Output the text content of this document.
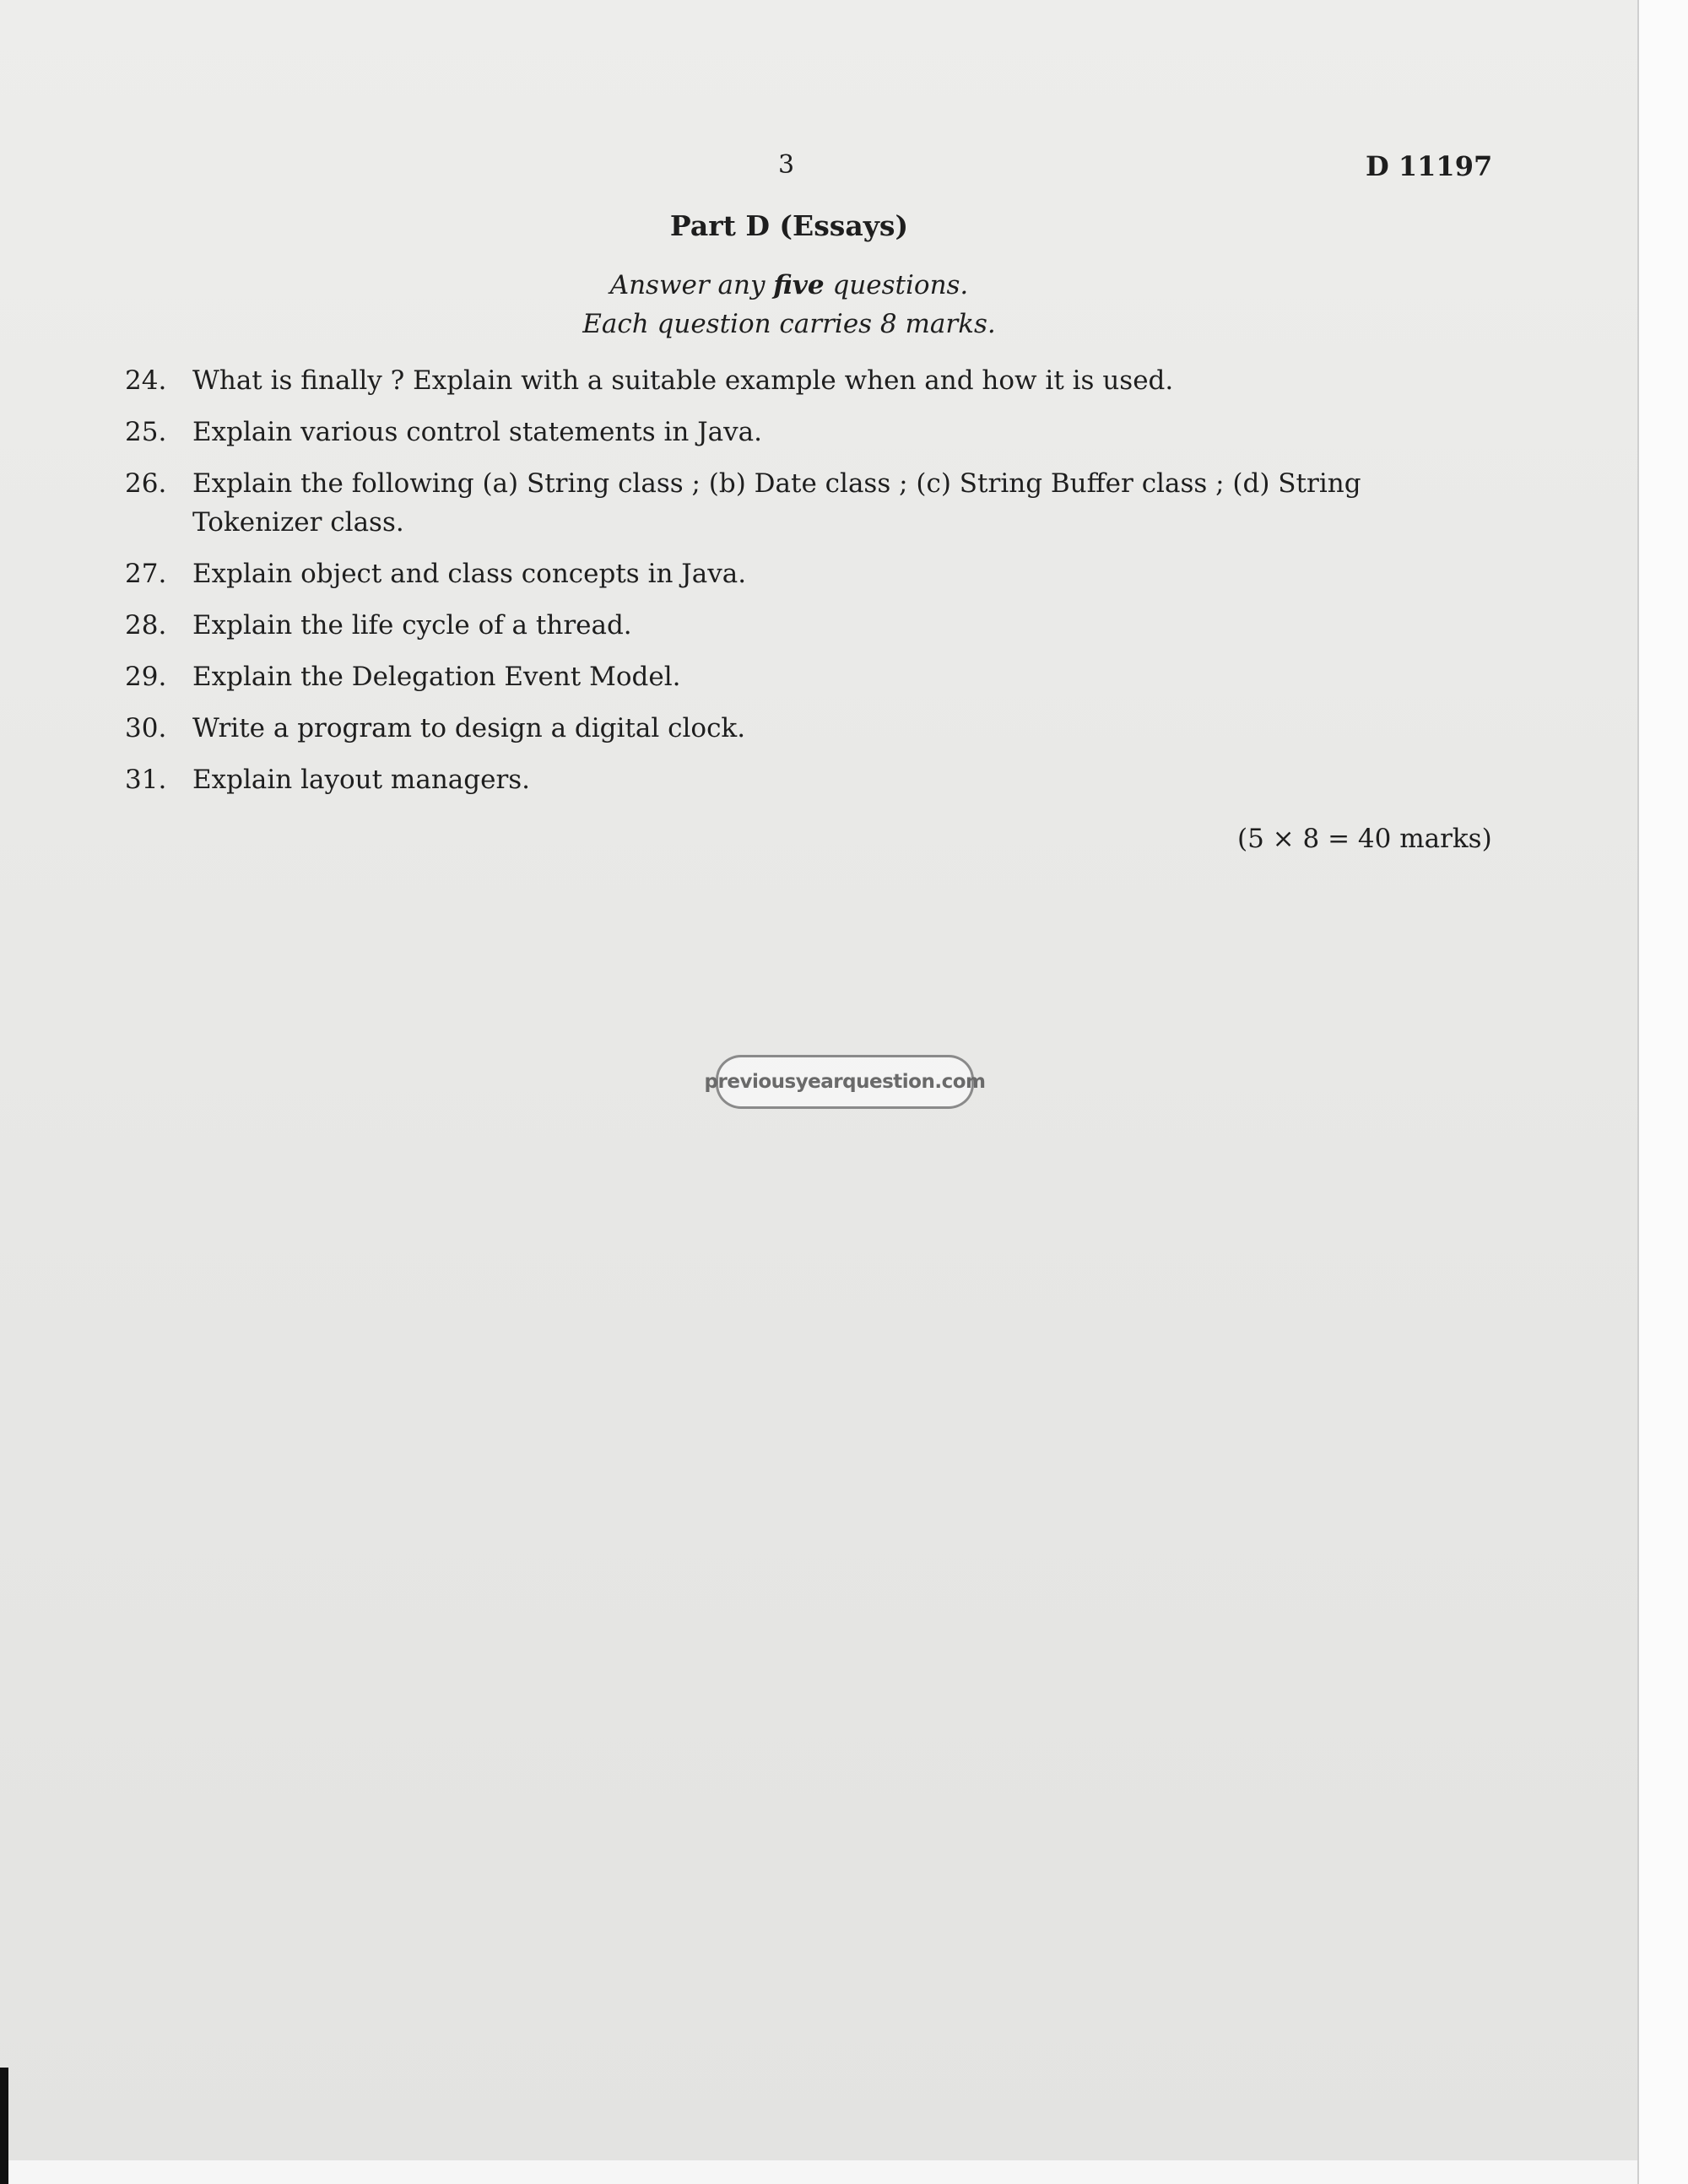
3	D 11197
Part D (Essays)
Answer any five questions.
Each question carries 8 marks.
24. What is finally ? Explain with a suitable example when and how it is used.
25. Explain various control statements in Java.
26. Explain the following (a) String class ; (b) Date class ; (c) String Buffer class ; (d) String Tokenizer class.
27. Explain object and class concepts in Java.
28. Explain the life cycle of a thread.
29. Explain the Delegation Event Model.
30. Write a program to design a digital clock.
31. Explain layout managers.
(5 × 8 = 40 marks)
previousyearquestion.com
